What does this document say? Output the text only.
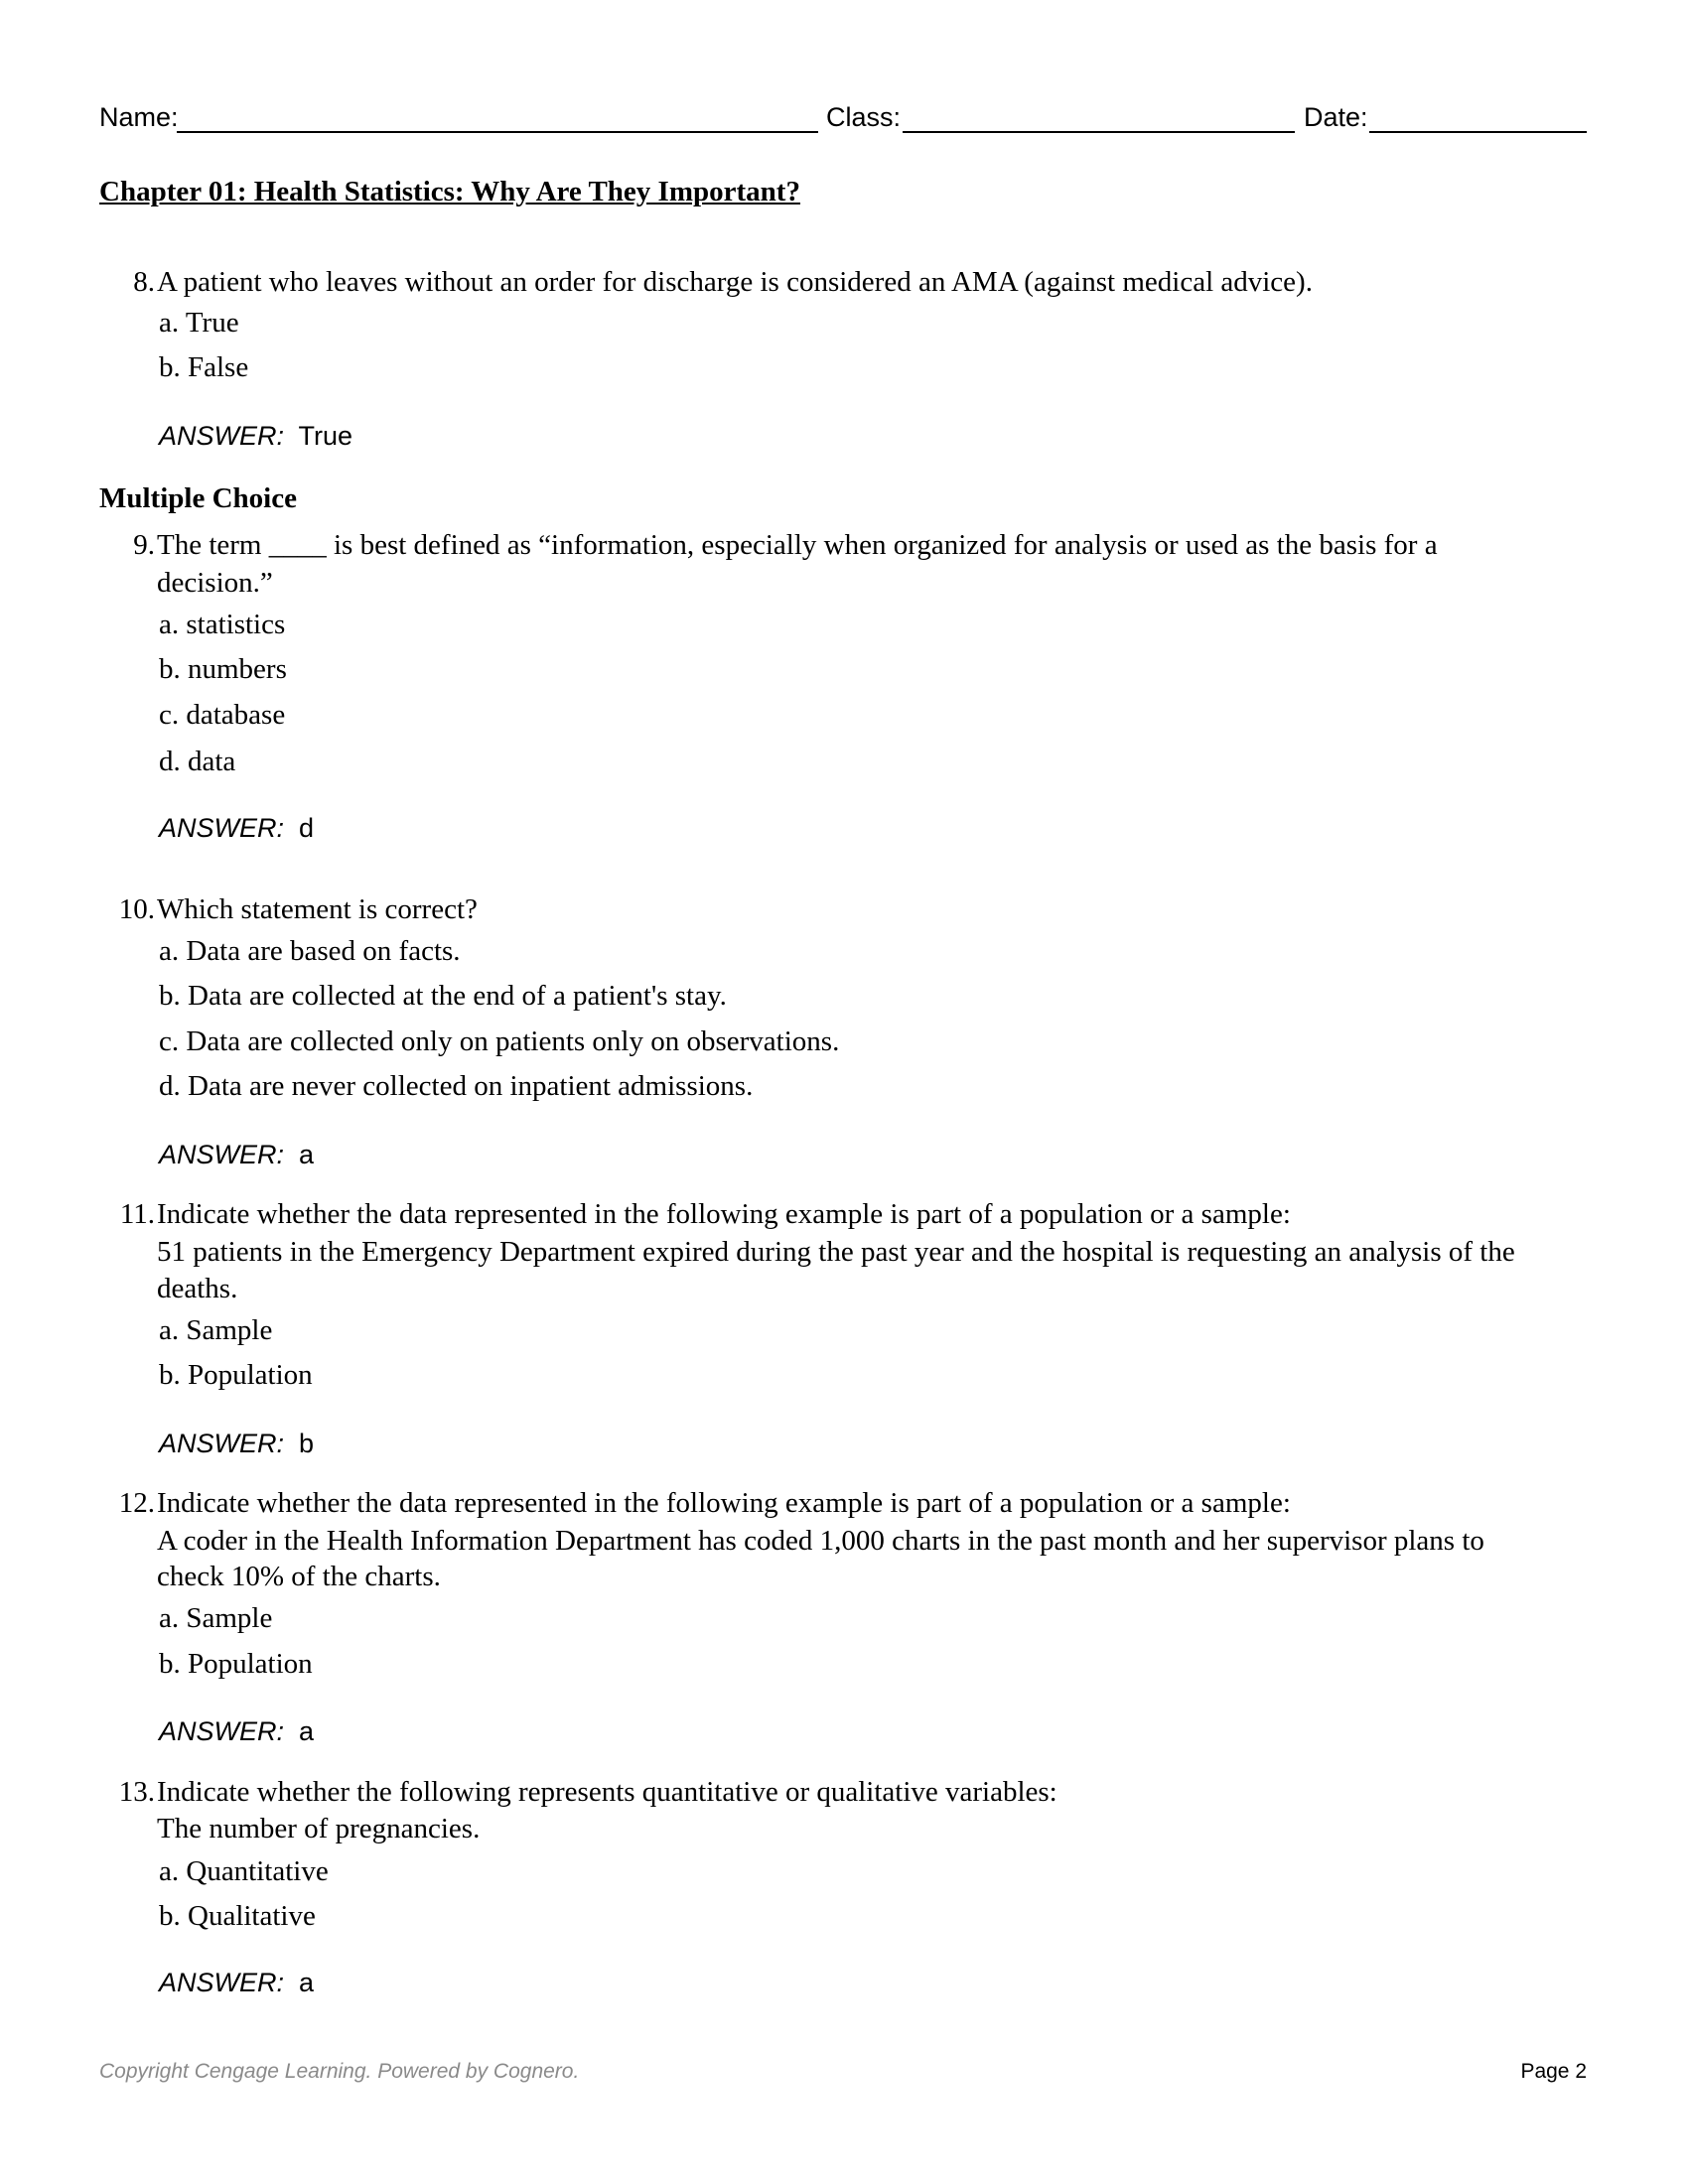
Name:	Class:	Date:
Chapter 01: Health Statistics: Why Are They Important?
8. A patient who leaves without an order for discharge is considered an AMA (against medical advice).
a. True
b. False
ANSWER: True
Multiple Choice
9. The term ____ is best defined as “information, especially when organized for analysis or used as the basis for a
decision.”
a. statistics
b. numbers
c. database
d. data
ANSWER: d
10. Which statement is correct?
a. Data are based on facts.
b. Data are collected at the end of a patient's stay.
c. Data are collected only on patients only on observations.
d. Data are never collected on inpatient admissions.
ANSWER: a
11. Indicate whether the data represented in the following example is part of a population or a sample:
51 patients in the Emergency Department expired during the past year and the hospital is requesting an analysis of the
deaths.
a. Sample
b. Population
ANSWER: b
12. Indicate whether the data represented in the following example is part of a population or a sample:
A coder in the Health Information Department has coded 1,000 charts in the past month and her supervisor plans to
check 10% of the charts.
a. Sample
b. Population
ANSWER: a
13. Indicate whether the following represents quantitative or qualitative variables:
The number of pregnancies.
a. Quantitative
b. Qualitative
ANSWER: a
Copyright Cengage Learning. Powered by Cognero.	Page 2
